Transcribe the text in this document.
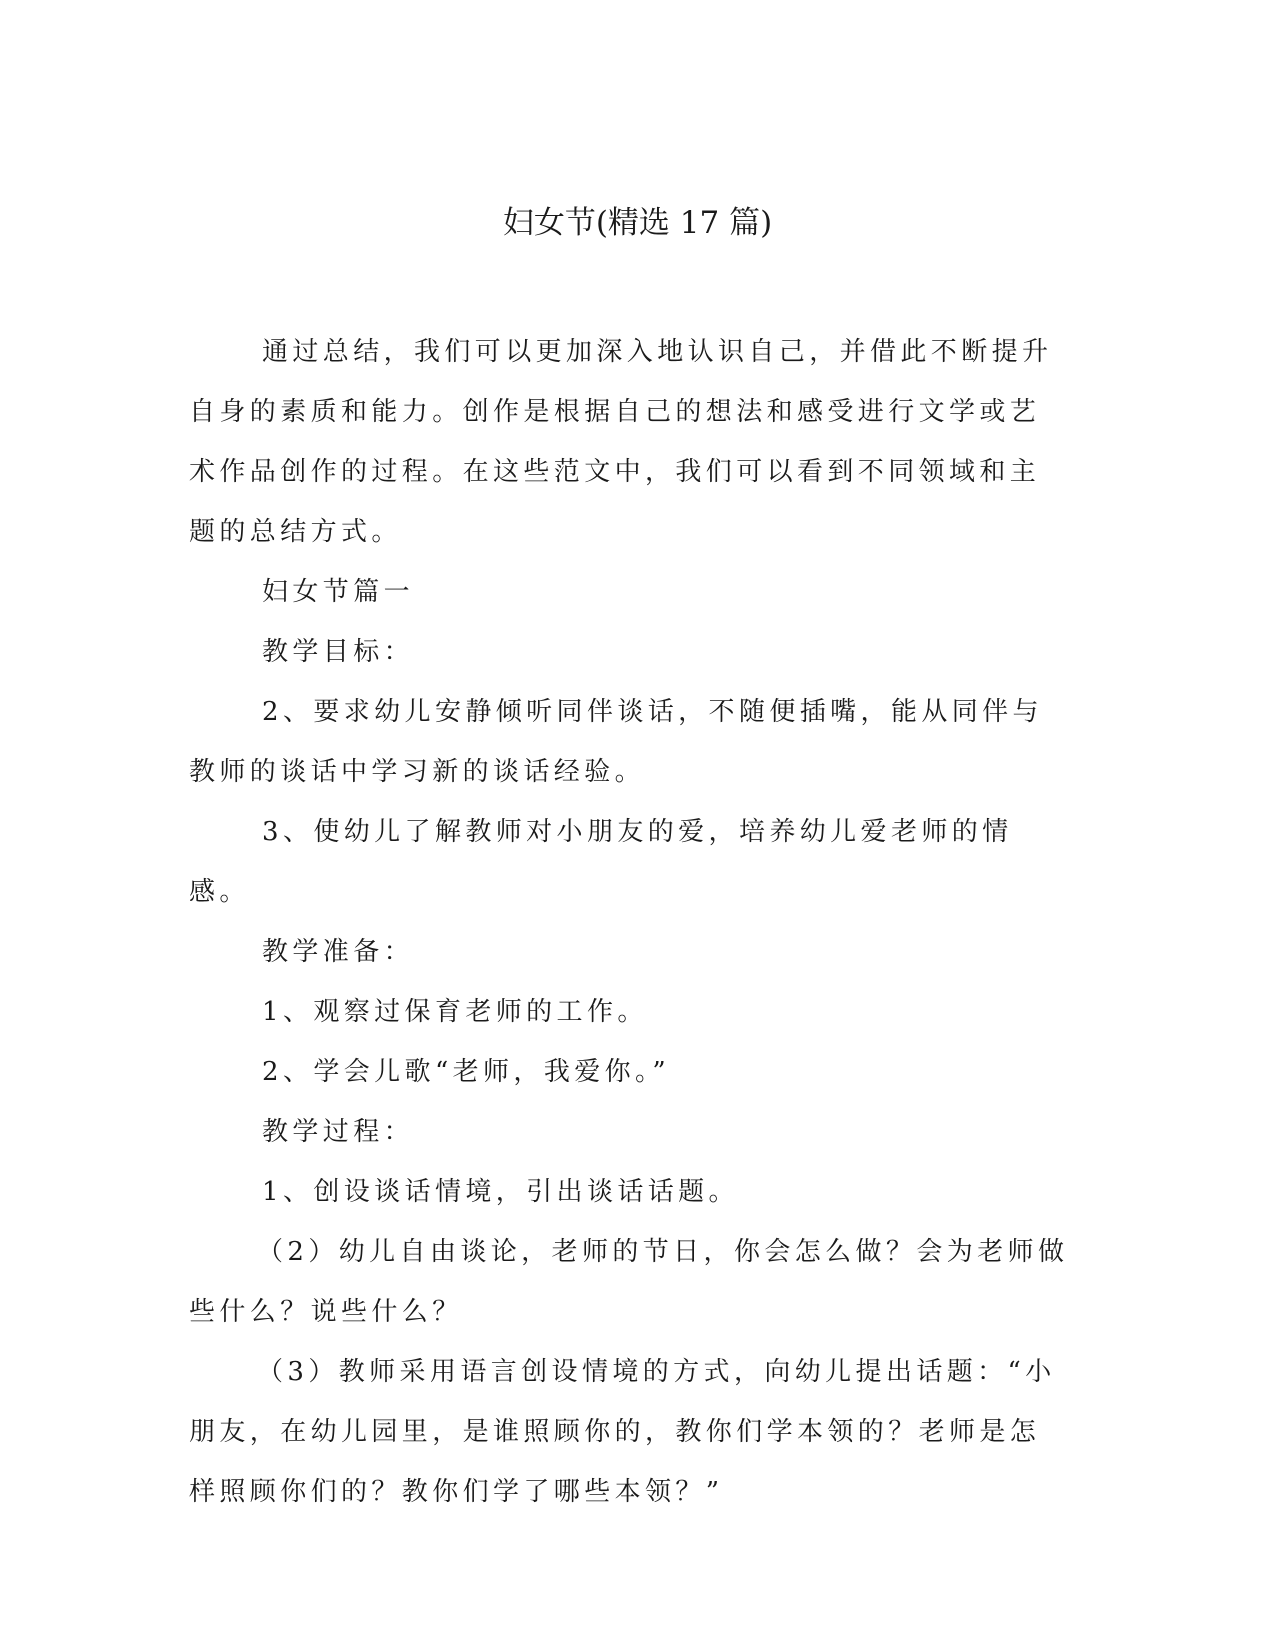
妇女节(精选 17 篇)

通过总结，我们可以更加深入地认识自己，并借此不断提升自身的素质和能力。创作是根据自己的想法和感受进行文学或艺术作品创作的过程。在这些范文中，我们可以看到不同领域和主题的总结方式。

妇女节篇一

教学目标：

2、要求幼儿安静倾听同伴谈话，不随便插嘴，能从同伴与教师的谈话中学习新的谈话经验。

3、使幼儿了解教师对小朋友的爱，培养幼儿爱老师的情感。

教学准备：

1、观察过保育老师的工作。

2、学会儿歌“老师，我爱你。”

教学过程：

1、创设谈话情境，引出谈话话题。

（2）幼儿自由谈论，老师的节日，你会怎么做？会为老师做些什么？说些什么？

（3）教师采用语言创设情境的方式，向幼儿提出话题：“小朋友，在幼儿园里，是谁照顾你的，教你们学本领的？老师是怎样照顾你们的？教你们学了哪些本领？”
